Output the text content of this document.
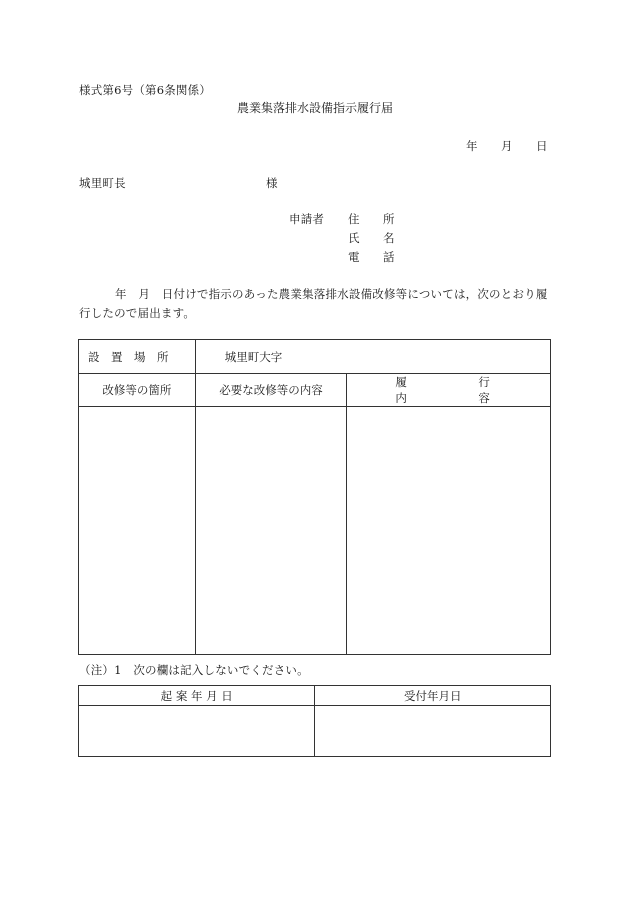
様式第6号（第6条関係）
農業集落排水設備指示履行届
年 月 日
城里町長	様
申請者 住　所
氏　名
電　話
年　月　日付けで指示のあった農業集落排水設備改修等については，次のとおり履
行したので届出ます。
設　置　場　所	城里町大字	
改修等の箇所	必要な改修等の内容	履　行　内　容

（注）1　次の欄は記入しないでください。
起 案 年 月 日	受付年月日
